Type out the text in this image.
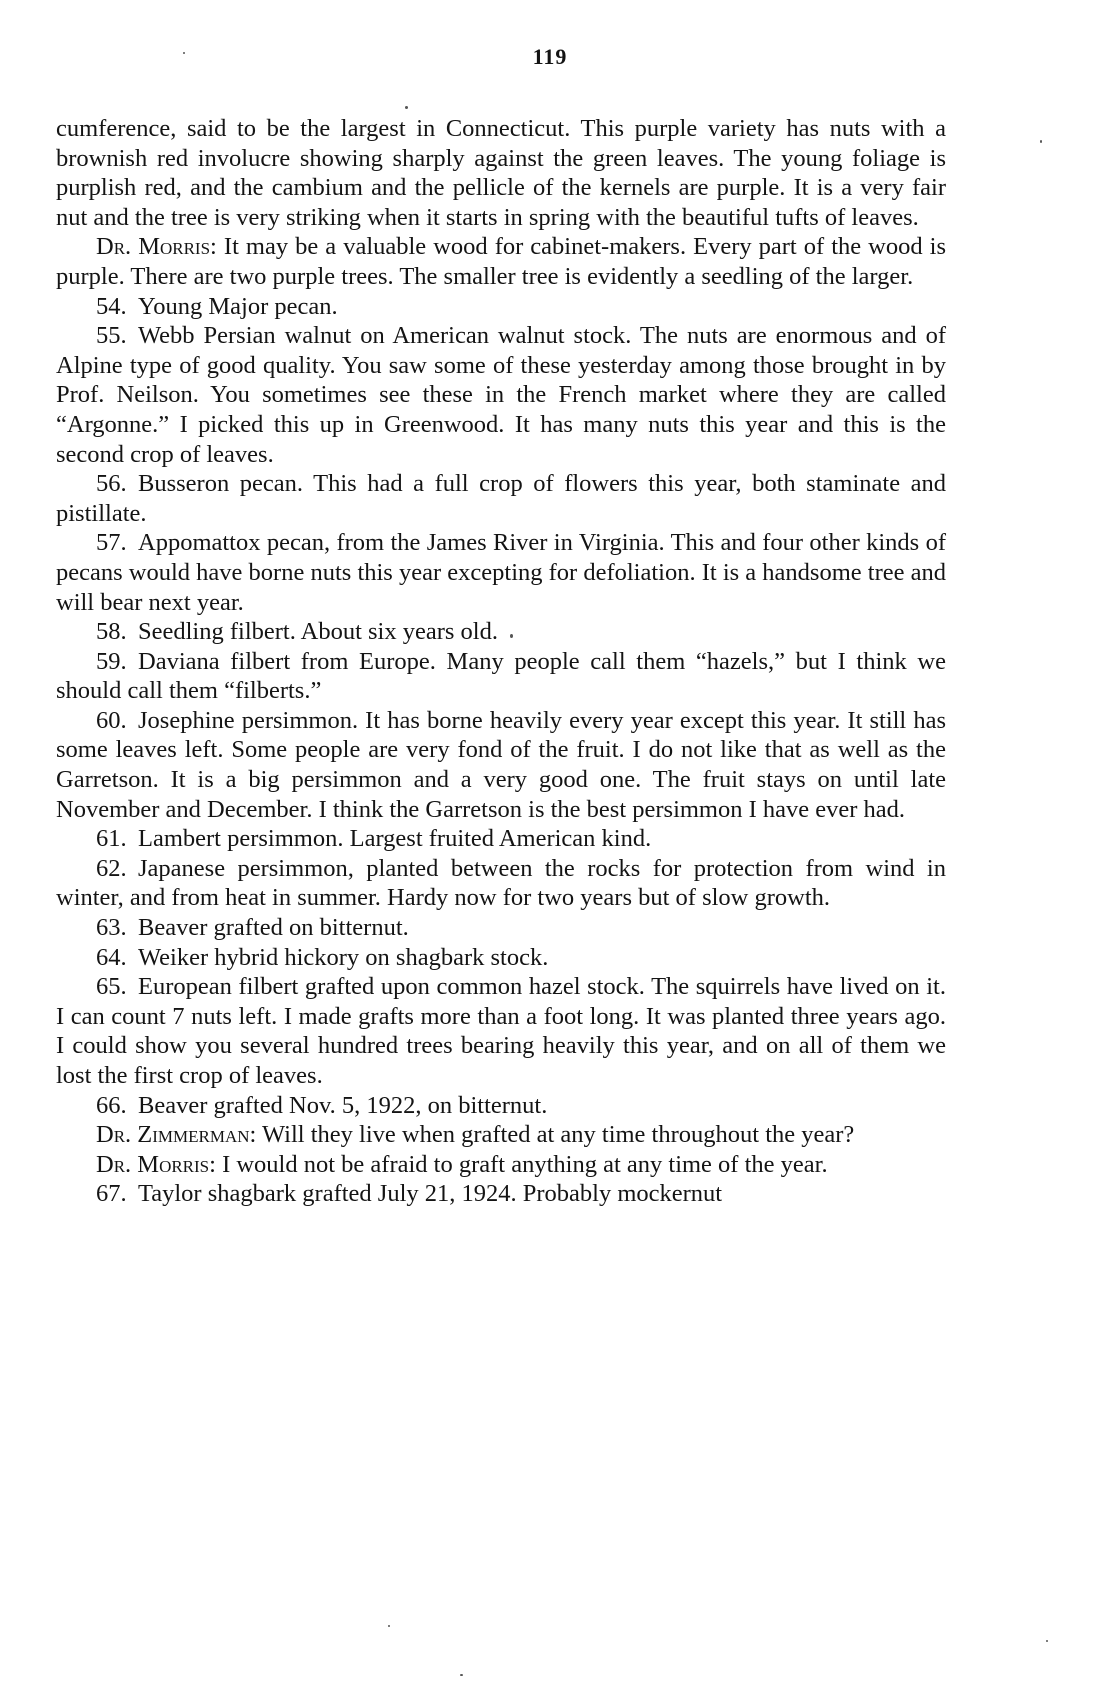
119

cumference, said to be the largest in Connecticut. This purple variety has nuts with a brownish red involucre showing sharply against the green leaves. The young foliage is purplish red, and the cambium and the pellicle of the kernels are purple. It is a very fair nut and the tree is very striking when it starts in spring with the beautiful tufts of leaves.

Dr. Morris: It may be a valuable wood for cabinet-makers. Every part of the wood is purple. There are two purple trees. The smaller tree is evidently a seedling of the larger.

54. Young Major pecan.

55. Webb Persian walnut on American walnut stock. The nuts are enormous and of Alpine type of good quality. You saw some of these yesterday among those brought in by Prof. Neilson. You sometimes see these in the French market where they are called “Argonne.” I picked this up in Greenwood. It has many nuts this year and this is the second crop of leaves.

56. Busseron pecan. This had a full crop of flowers this year, both staminate and pistillate.

57. Appomattox pecan, from the James River in Virginia. This and four other kinds of pecans would have borne nuts this year excepting for defoliation. It is a handsome tree and will bear next year.

58. Seedling filbert. About six years old.

59. Daviana filbert from Europe. Many people call them “hazels,” but I think we should call them “filberts.”

60. Josephine persimmon. It has borne heavily every year except this year. It still has some leaves left. Some people are very fond of the fruit. I do not like that as well as the Garretson. It is a big persimmon and a very good one. The fruit stays on until late November and December. I think the Garretson is the best persimmon I have ever had.

61. Lambert persimmon. Largest fruited American kind.

62. Japanese persimmon, planted between the rocks for protection from wind in winter, and from heat in summer. Hardy now for two years but of slow growth.

63. Beaver grafted on bitternut.

64. Weiker hybrid hickory on shagbark stock.

65. European filbert grafted upon common hazel stock. The squirrels have lived on it. I can count 7 nuts left. I made grafts more than a foot long. It was planted three years ago. I could show you several hundred trees bearing heavily this year, and on all of them we lost the first crop of leaves.

66. Beaver grafted Nov. 5, 1922, on bitternut.

Dr. Zimmerman: Will they live when grafted at any time throughout the year?

Dr. Morris: I would not be afraid to graft anything at any time of the year.

67. Taylor shagbark grafted July 21, 1924. Probably mockernut
